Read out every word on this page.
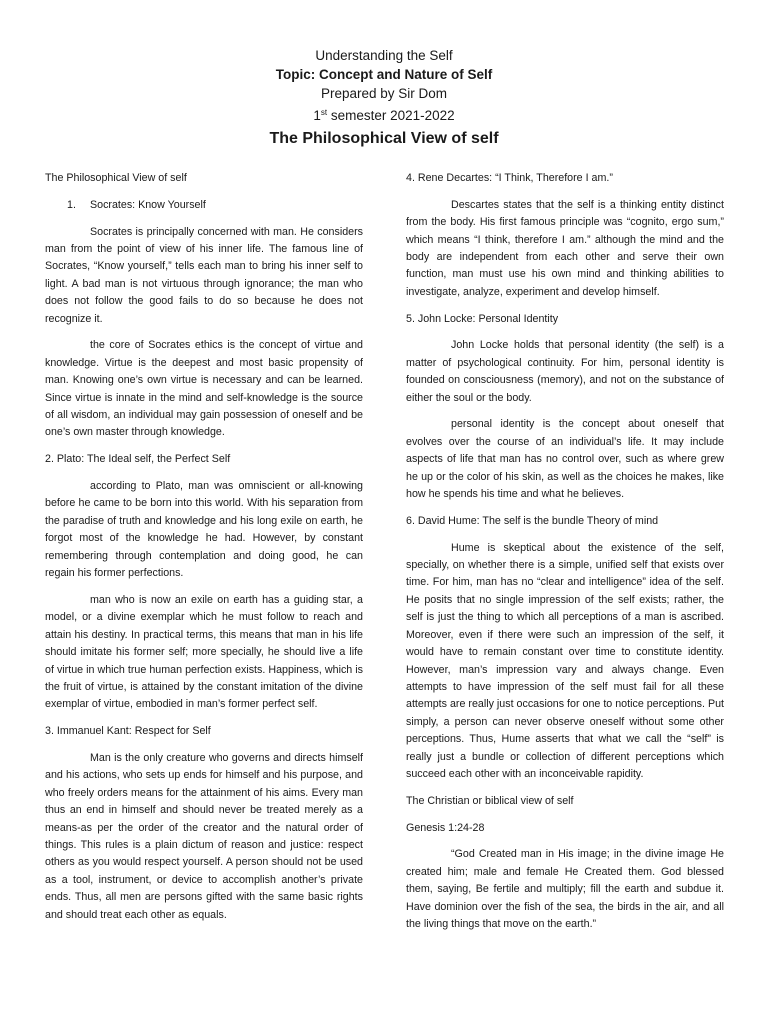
Understanding the Self
Topic: Concept and Nature of Self
Prepared by Sir Dom
1st semester 2021-2022
The Philosophical View of self

The Philosophical View of self

1. Socrates: Know Yourself

Socrates is principally concerned with man. He considers man from the point of view of his inner life. The famous line of Socrates, “Know yourself,” tells each man to bring his inner self to light. A bad man is not virtuous through ignorance; the man who does not follow the good fails to do so because he does not recognize it.

the core of Socrates ethics is the concept of virtue and knowledge. Virtue is the deepest and most basic propensity of man. Knowing one’s own virtue is necessary and can be learned. Since virtue is innate in the mind and self-knowledge is the source of all wisdom, an individual may gain possession of oneself and be one’s own master through knowledge.

2. Plato: The Ideal self, the Perfect Self

according to Plato, man was omniscient or all-knowing before he came to be born into this world. With his separation from the paradise of truth and knowledge and his long exile on earth, he forgot most of the knowledge he had. However, by constant remembering through contemplation and doing good, he can regain his former perfections.

man who is now an exile on earth has a guiding star, a model, or a divine exemplar which he must follow to reach and attain his destiny. In practical terms, this means that man in his life should imitate his former self; more specially, he should live a life of virtue in which true human perfection exists. Happiness, which is the fruit of virtue, is attained by the constant imitation of the divine exemplar of virtue, embodied in man’s former perfect self.

3. Immanuel Kant: Respect for Self

Man is the only creature who governs and directs himself and his actions, who sets up ends for himself and his purpose, and who freely orders means for the attainment of his aims. Every man thus an end in himself and should never be treated merely as a means-as per the order of the creator and the natural order of things. This rules is a plain dictum of reason and justice: respect others as you would respect yourself. A person should not be used as a tool, instrument, or device to accomplish another’s private ends. Thus, all men are persons gifted with the same basic rights and should treat each other as equals.

4. Rene Decartes: “I Think, Therefore I am.”

Descartes states that the self is a thinking entity distinct from the body. His first famous principle was “cognito, ergo sum,” which means “I think, therefore I am.” although the mind and the body are independent from each other and serve their own function, man must use his own mind and thinking abilities to investigate, analyze, experiment and develop himself.

5. John Locke: Personal Identity

John Locke holds that personal identity (the self) is a matter of psychological continuity. For him, personal identity is founded on consciousness (memory), and not on the substance of either the soul or the body.

personal identity is the concept about oneself that evolves over the course of an individual’s life. It may include aspects of life that man has no control over, such as where grew he up or the color of his skin, as well as the choices he makes, like how he spends his time and what he believes.

6. David Hume: The self is the bundle Theory of mind

Hume is skeptical about the existence of the self, specially, on whether there is a simple, unified self that exists over time. For him, man has no “clear and intelligence” idea of the self. He posits that no single impression of the self exists; rather, the self is just the thing to which all perceptions of a man is ascribed. Moreover, even if there were such an impression of the self, it would have to remain constant over time to constitute identity. However, man’s impression vary and always change. Even attempts to have impression of the self must fail for all these attempts are really just occasions for one to notice perceptions. Put simply, a person can never observe oneself without some other perceptions. Thus, Hume asserts that what we call the “self” is really just a bundle or collection of different perceptions which succeed each other with an inconceivable rapidity.

The Christian or biblical view of self

Genesis 1:24-28

“God Created man in His image; in the divine image He created him; male and female He Created them. God blessed them, saying, Be fertile and multiply; fill the earth and subdue it. Have dominion over the fish of the sea, the birds in the air, and all the living things that move on the earth.”
